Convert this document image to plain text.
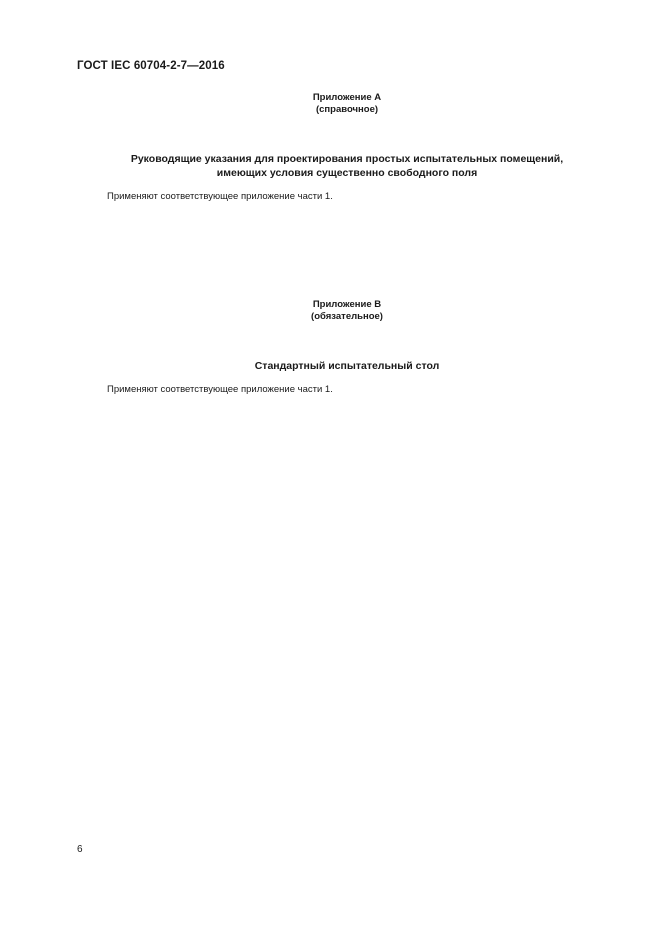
ГОСТ IEC 60704-2-7—2016
Приложение А
(справочное)
Руководящие указания для проектирования простых испытательных помещений,
имеющих условия существенно свободного поля
Применяют соответствующее приложение части 1.
Приложение В
(обязательное)
Стандартный испытательный стол
Применяют соответствующее приложение части 1.
6
